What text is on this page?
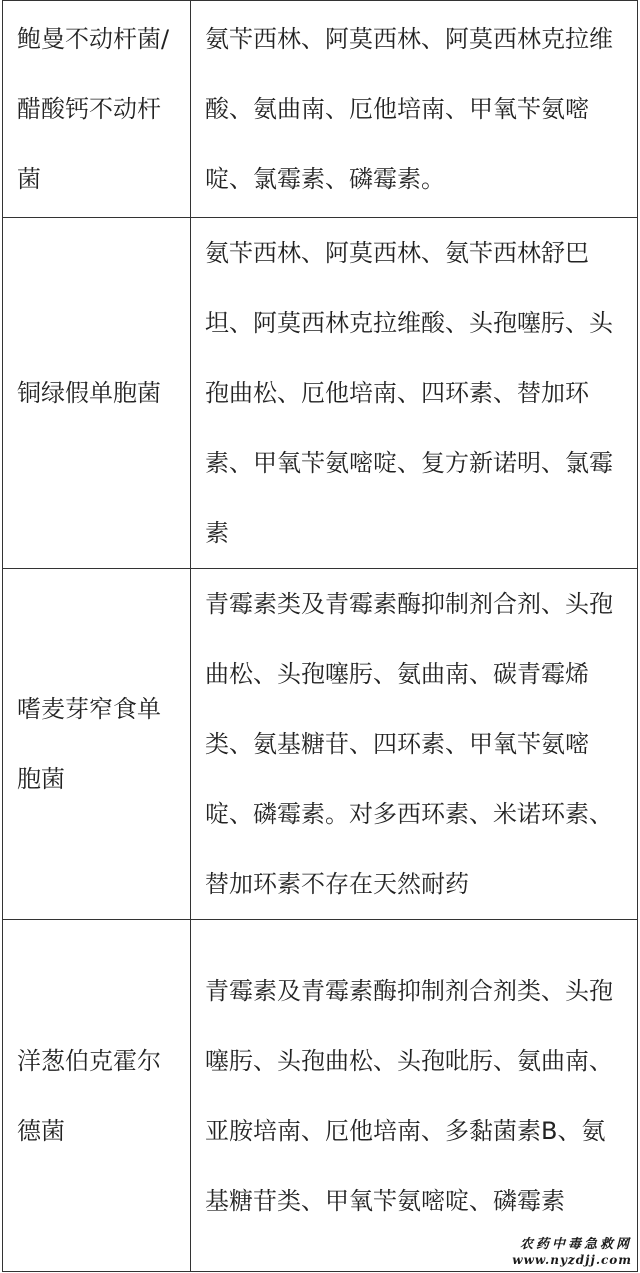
鲍曼不动杆菌/醋酸钙不动杆菌	氨苄西林、阿莫西林、阿莫西林克拉维酸、氨曲南、厄他培南、甲氧苄氨嘧啶、氯霉素、磷霉素。
铜绿假单胞菌	氨苄西林、阿莫西林、氨苄西林舒巴坦、阿莫西林克拉维酸、头孢噻肟、头孢曲松、厄他培南、四环素、替加环素、甲氧苄氨嘧啶、复方新诺明、氯霉素
嗜麦芽窄食单胞菌	青霉素类及青霉素酶抑制剂合剂、头孢曲松、头孢噻肟、氨曲南、碳青霉烯类、氨基糖苷、四环素、甲氧苄氨嘧啶、磷霉素。对多西环素、米诺环素、替加环素不存在天然耐药
洋葱伯克霍尔德菌	青霉素及青霉素酶抑制剂合剂类、头孢噻肟、头孢曲松、头孢吡肟、氨曲南、亚胺培南、厄他培南、多黏菌素B、氨基糖苷类、甲氧苄氨嘧啶、磷霉素
农药中毒急救网
www.nyzdjj.com
